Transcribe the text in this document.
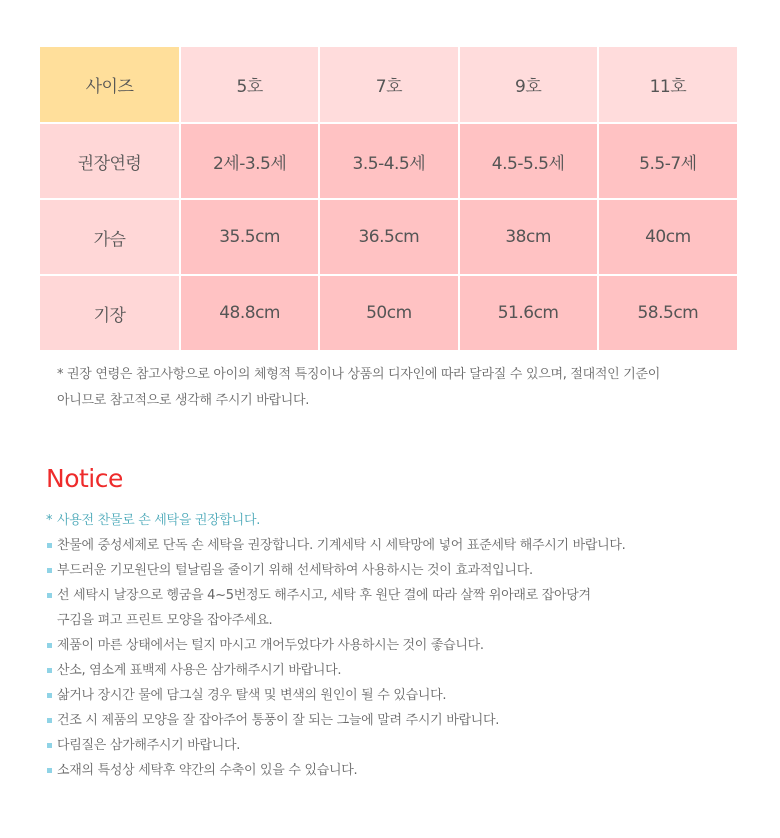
사이즈	5호	7호	9호	11호
권장연령	2세-3.5세	3.5-4.5세	4.5-5.5세	5.5-7세
가슴	35.5cm	36.5cm	38cm	40cm
기장	48.8cm	50cm	51.6cm	58.5cm

* 권장 연령은 참고사항으로 아이의 체형적 특징이나 상품의 디자인에 따라 달라질 수 있으며, 절대적인 기준이
아니므로 참고적으로 생각해 주시기 바랍니다.

Notice
* 사용전 찬물로 손 세탁을 권장합니다.
찬물에 중성세제로 단독 손 세탁을 권장합니다. 기계세탁 시 세탁망에 넣어 표준세탁 해주시기 바랍니다.
부드러운 기모원단의 털날림을 줄이기 위해 선세탁하여 사용하시는 것이 효과적입니다.
선 세탁시 날장으로 헹굼을 4~5번정도 해주시고, 세탁 후 원단 결에 따라 살짝 위아래로 잡아당겨
구김을 펴고 프린트 모양을 잡아주세요.
제품이 마른 상태에서는 털지 마시고 개어두었다가 사용하시는 것이 좋습니다.
산소, 염소계 표백제 사용은 삼가해주시기 바랍니다.
삶거나 장시간 물에 담그실 경우 탈색 및 변색의 원인이 될 수 있습니다.
건조 시 제품의 모양을 잘 잡아주어 통풍이 잘 되는 그늘에 말려 주시기 바랍니다.
다림질은 삼가해주시기 바랍니다.
소재의 특성상 세탁후 약간의 수축이 있을 수 있습니다.
